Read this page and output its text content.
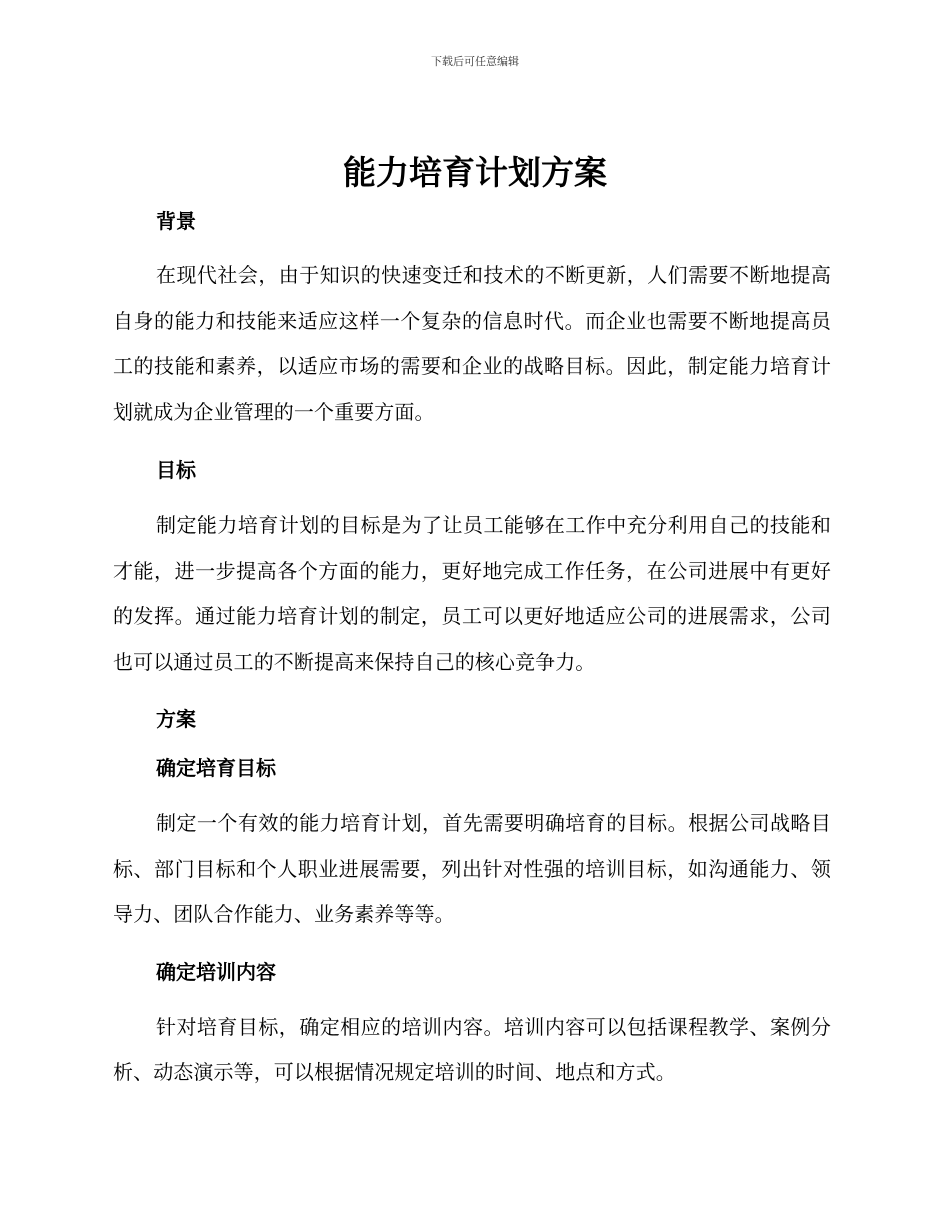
下载后可任意编辑
能力培育计划方案
背景
在现代社会，由于知识的快速变迁和技术的不断更新，人们需要不断地提高自身的能力和技能来适应这样一个复杂的信息时代。而企业也需要不断地提高员工的技能和素养，以适应市场的需要和企业的战略目标。因此，制定能力培育计划就成为企业管理的一个重要方面。
目标
制定能力培育计划的目标是为了让员工能够在工作中充分利用自己的技能和才能，进一步提高各个方面的能力，更好地完成工作任务，在公司进展中有更好的发挥。通过能力培育计划的制定，员工可以更好地适应公司的进展需求，公司也可以通过员工的不断提高来保持自己的核心竞争力。
方案
确定培育目标
制定一个有效的能力培育计划，首先需要明确培育的目标。根据公司战略目标、部门目标和个人职业进展需要，列出针对性强的培训目标，如沟通能力、领导力、团队合作能力、业务素养等等。
确定培训内容
针对培育目标，确定相应的培训内容。培训内容可以包括课程教学、案例分析、动态演示等，可以根据情况规定培训的时间、地点和方式。
